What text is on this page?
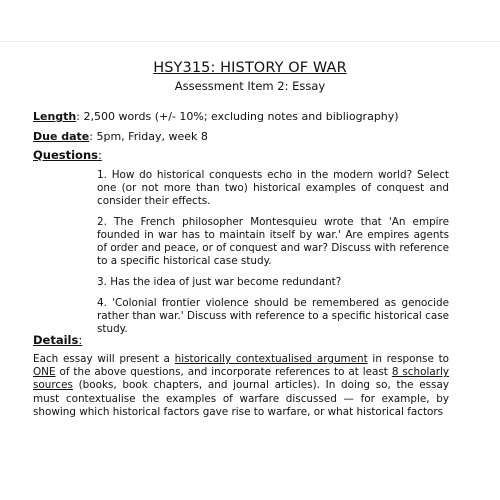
HSY315: HISTORY OF WAR
Assessment Item 2: Essay
Length: 2,500 words (+/- 10%; excluding notes and bibliography)
Due date: 5pm, Friday, week 8
Questions:
1. How do historical conquests echo in the modern world? Select one (or not more than two) historical examples of conquest and consider their effects.
2. The French philosopher Montesquieu wrote that 'An empire founded in war has to maintain itself by war.' Are empires agents of order and peace, or of conquest and war? Discuss with reference to a specific historical case study.
3. Has the idea of just war become redundant?
4. 'Colonial frontier violence should be remembered as genocide rather than war.' Discuss with reference to a specific historical case study.
Details:
Each essay will present a historically contextualised argument in response to ONE of the above questions, and incorporate references to at least 8 scholarly sources (books, book chapters, and journal articles). In doing so, the essay must contextualise the examples of warfare discussed — for example, by showing which historical factors gave rise to warfare, or what historical factors
